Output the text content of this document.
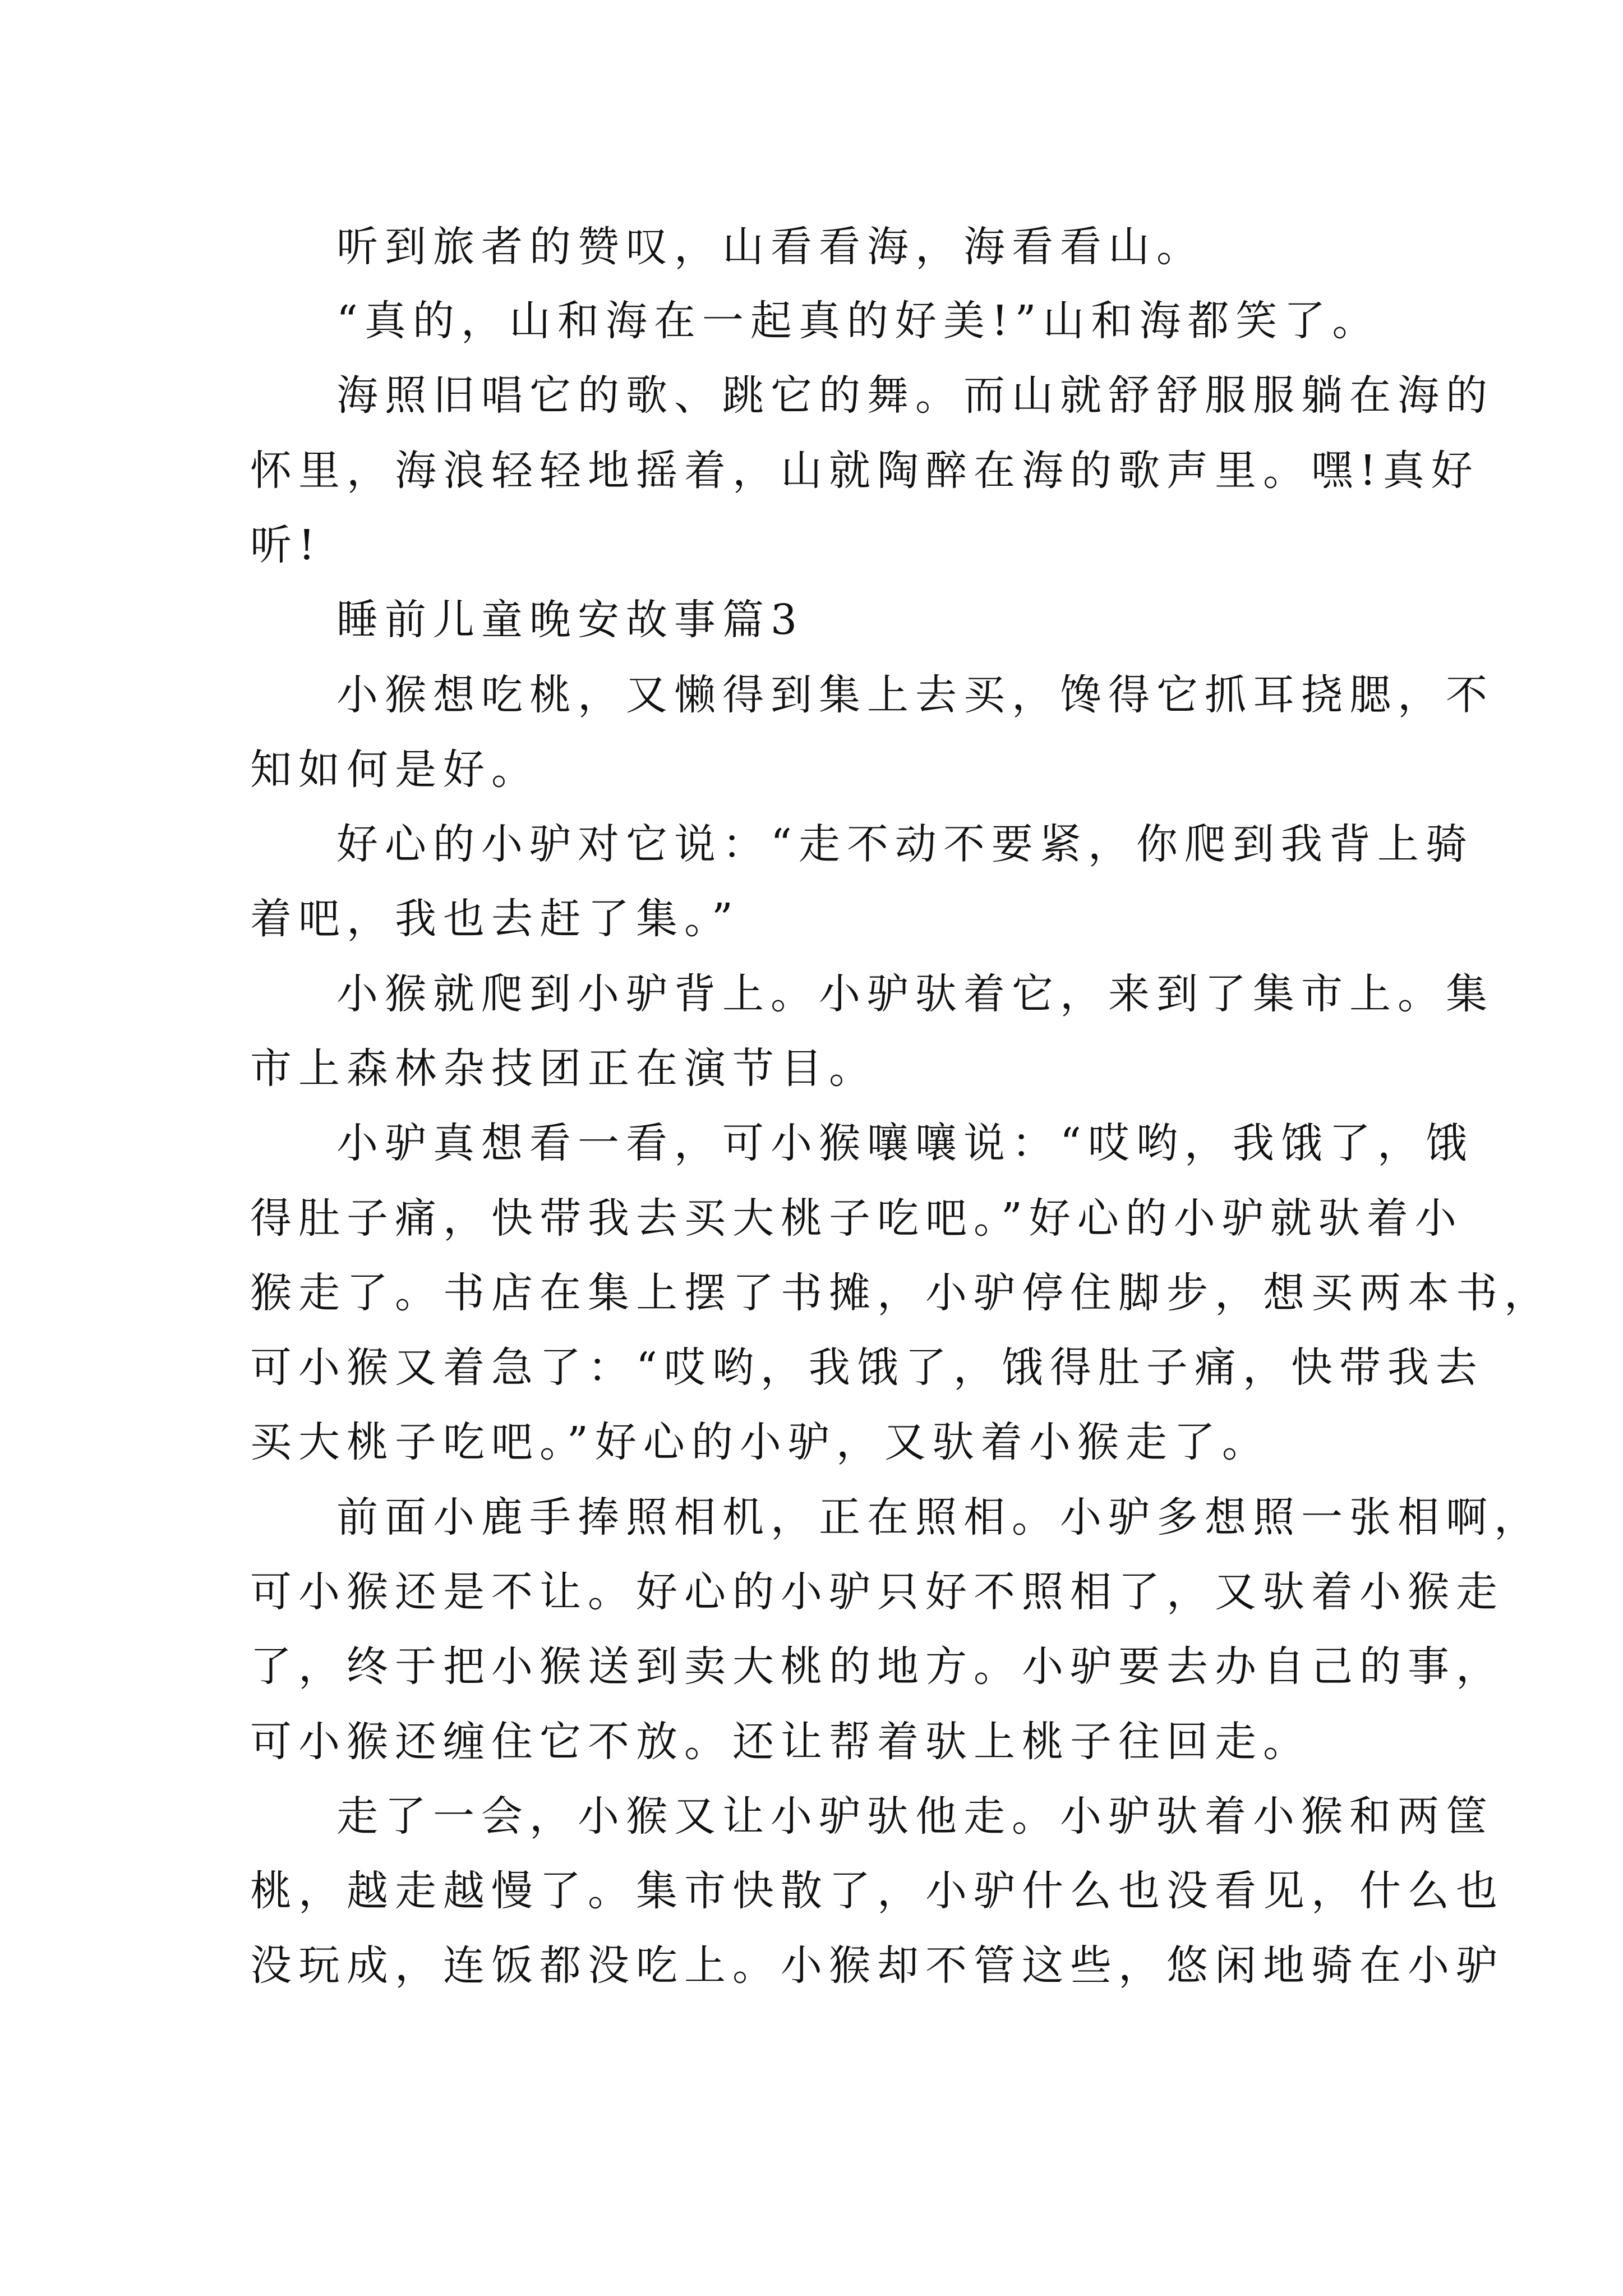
听到旅者的赞叹，山看看海，海看看山。
“真的，山和海在一起真的好美!”山和海都笑了。
海照旧唱它的歌、跳它的舞。而山就舒舒服服躺在海的
怀里，海浪轻轻地摇着，山就陶醉在海的歌声里。嘿!真好
听!
睡前儿童晚安故事篇3
小猴想吃桃，又懒得到集上去买，馋得它抓耳挠腮，不
知如何是好。
好心的小驴对它说：“走不动不要紧，你爬到我背上骑
着吧，我也去赶了集。”
小猴就爬到小驴背上。小驴驮着它，来到了集市上。集
市上森林杂技团正在演节目。
小驴真想看一看，可小猴嚷嚷说：“哎哟，我饿了，饿
得肚子痛，快带我去买大桃子吃吧。”好心的小驴就驮着小
猴走了。书店在集上摆了书摊，小驴停住脚步，想买两本书，
可小猴又着急了：“哎哟，我饿了，饿得肚子痛，快带我去
买大桃子吃吧。”好心的小驴，又驮着小猴走了。
前面小鹿手捧照相机，正在照相。小驴多想照一张相啊，
可小猴还是不让。好心的小驴只好不照相了，又驮着小猴走
了，终于把小猴送到卖大桃的地方。小驴要去办自己的事，
可小猴还缠住它不放。还让帮着驮上桃子往回走。
走了一会，小猴又让小驴驮他走。小驴驮着小猴和两筐
桃，越走越慢了。集市快散了，小驴什么也没看见，什么也
没玩成，连饭都没吃上。小猴却不管这些，悠闲地骑在小驴
